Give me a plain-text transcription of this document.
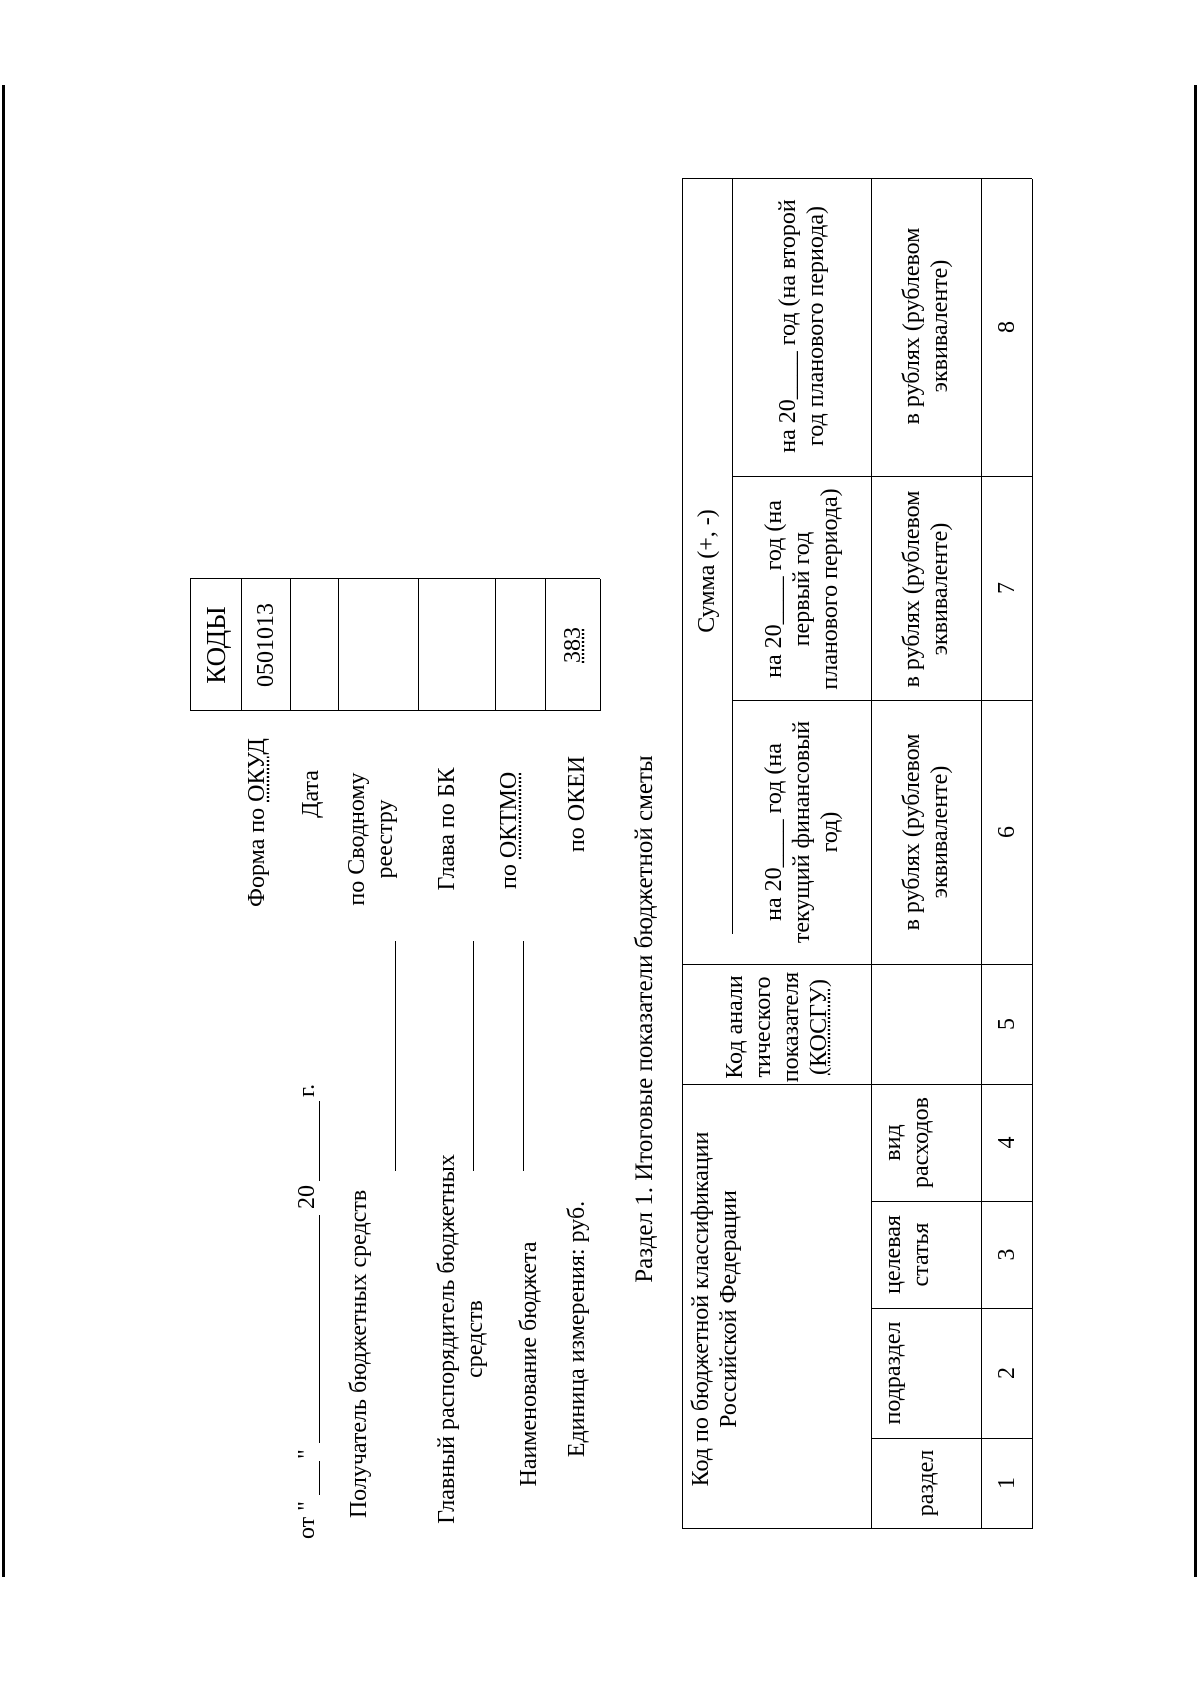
от "
"
20
г.
Получатель бюджетных средств	Главный распорядитель бюджетных средств Наименование бюджета Единица измерения: руб.
Форма по ОКУД Дата по Сводному реестру Глава по БК по ОКТМО по ОКЕИ
КОДЫ 0501013	383
Раздел 1. Итоговые показатели бюджетной сметы
Код по бюджетной классификации Российской Федерации
раздел
подраздел
целевая статья
вид расходов
Код аналитического показателя (КОСГУ)
Сумма (+, -)
на 20____ год (на текущий финансовый год)
на 20____ год (на первый год планового периода)
на 20____ год (на второй год планового периода)
в рублях (рублевом эквиваленте)
в рублях (рублевом эквиваленте)
в рублях (рублевом эквиваленте)
1
2
3
4
5
6
7
8
